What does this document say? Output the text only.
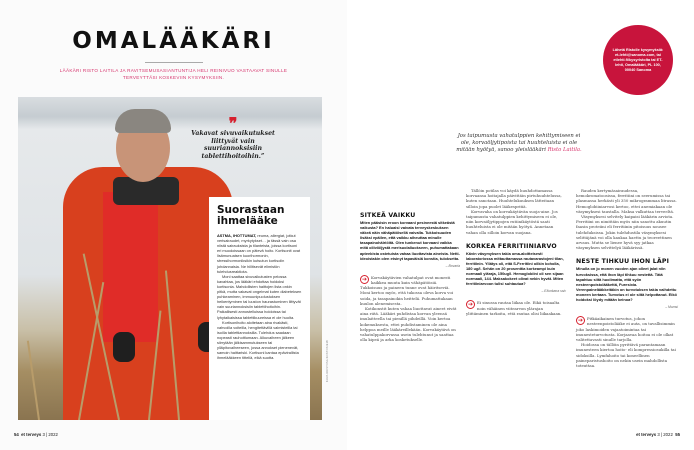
OMALÄÄKÄRI
LÄÄKÄRI RISTO LAITILA JA RAVITSEMUSASIANTUNTIJA HELI REINIVUO VASTAAVAT SINULLE TERVEYTTÄSI KOSKEVIIN KYSYMYKSIIN.
❞
Vakavat sivuvaikutukset liittyvät vain suuriannoksisiin tablettihoitoihin.”
Suorastaan ihmelääke

ASTMA, IHOTTUMAT, reuma, allergiat, jotkut verisairaudet, myrkytykset… ja tässä vain osa niistä sairauksista ja tilanteista, joissa kortisoni eri muodoissaan on pätevä hoito. Kortisonit ovat lisämunuaisen kuorihormonin, stressihormoniksikin kutsutun kortisolin johdannaisia. Ne hillitsevät elimistön tulehdusreaktiota.

Moni saattaa sivuvaikutusten pelossa kavahtaa, jos lääkäri ehdottaa hoidoksi kortisonia. Mahdollisten haittojen lista onkin pitkä, mutta vakavat ongelmat kuten diabeteksen puhkeaminen, immuunipuolustuksen heikentyminen tai luuston haurastuminen liittyvät vain suuriannoksisiin tablettihoitoihin. Paikallisesti annostelluissa hoidoissa tai lyhytaikaisissa tablettikuureissa ei ole huolta.

Kortisonihoito aloitetaan aina rivakästi, vahvoilla voiteilla, hengitettävillä valmisteilla tai isoilla tablettiannoksilla. Tulehdus saadaan nopeasti rauhoittumaan. Alkuvaiheen jälkeen siirrytään jälkisammutukseen tai ylläpitovaiheeseen, jossa annokset pienenevät, samoin haittariski. Kortisoni kantaa epävirallista ihmelääkkeen titteliä, eikä suotta.	KUVA KRISTIINA KONTONIEMI
54 et terveys 3 | 2022
Lähetä Ristolle kysymyksiä: et-lehti@sanoma.com, tai etlehti.fi/kysyristolta tai ET-lehti, Omalääkäri, PL 100, 00040 Sanoma
Jos taipumusta vahatulppien kehittymiseen ei ole, korvaöljytipoista tai huuhteluista ei ole mitään hyötyä, sanoo yleislääkäri Risto Laitila.
SITKEÄ VAIKKU

Miten pääsisin eroon korvaani pesineestä sitkeästä vaikusta? En haluaisi vaivata terveyskeskuksen väkeä näin vähäpätöisellä vaivalla. Tukkoisuuden lisäksi epäilen, että vaikku aiheuttaa minulle tasapainohäiriöitä. Olen tunkenut korvaani vaikka mitä oliiviöljystä merisuolaliuokseen, puhumattakaan apteekista ostetuista vahaa liuottavista aineista. Netti-ideoistakin olen etsinyt tapaväisiä konstia, tuloksetta.

– Bovaria

➔	Korvakäytävien vahatulpat ovat monesti kaikkea muuta kuin vähäpätöisiä. Tukkoisuus ja paineen tunne ovat häiritseviä. Moni kertoo myös, että tukossa oleva korva voi soida, ja tasapainokin heittelä. Puhumattakaan kuulon alenemisesta.

Kotikonstit kuten vahaa liuottavat aineet eivät aina riitä. Lääkäri puhdistaa korvan yleensä imulaitteella tai pienillä pihdeillä. Voin kertoa kokemuksesta, ettei puhdistaminen ole aina helppoa meille lääkäreillekään. Korvakäytävä on vahatulppakorvassa usein tulehtunut ja saattaa olla kipeä ja arka kosketukselle.

Tällöin potilas voi käydä huuhdottamassa korvaansa hoitajalla päivittäin pirtuhuuhtelussa, kuten sanotaan. Huuhtelukuuksen lätteitaan silloin jopa puolet lääkespritiä.

Korvavaha on korvakäytävän suoja-aine. Jos taipumusta vahatulppien kehittymiseen ei ole, niin korvaöljytippojen rutiinikäytöstä saati huuhteluista ei ole mitään hyötyä. Annetaan vahan olla silloin korvan suojana.

KORKEA FERRITIINIARVO

Kävin väsymyksen takia oma-aloitteisesti laboratoriossa mittauttamassa rautavarastojeni tilan, ferritiinin. Yllätys oli, että S-Ferritiini oilkin koholla, 180 ug/l. Sehän on 20 prosenttia korkeampi kuin normaali yläraja, 150ug/l. Hemoglobiini oli sen sijaan normaali, 144. Maksakokeet olivat nekin hyvät. Miten ferritiiniarvoon tulisi suhtautua?

– Ellunkana ssiv

➔	Ei sinussa rautaa liikaa ole. Eikä toisaalta noin vähäinen viitearvon ylärajan ylittäminen tarkoita, että rautaa olisi liikaakaan.

Rauden kertymäsairaudessa, hemokromatoosissa, ferritiini on seerumissa tai plasmassa herkästi yli 350 mikrogrammaa litrassa. Hemoglobiiniarvosi kertoo, ettei anemiakaan ole väsymyksesi taustalla. Maksa valkuttaa terveeltä.

Väsymyksesi selvitely kaipaisi lääkärin arviota. Ferritiini on nimittäin myös niin sanottu akuutin faasin proteiini eli ferritiinin pitoisuus nousee tulehduksissa. Jokin tulehdustila väsymyksesi selittäjänä voi olla kaukaa haettu ja teoreettinen arvaus. Mutta se lienee hyvä syy jatkaa väsymyksen selvittelyä lääkärissä.

NESTE TIHKUU IHON LÄPI

Minulla on jo monen vuoden ajan olleet jalat niin turvoksissa, että ihon läpi tihkuu nestettä. Tätä tapahtuu siitä huolimatta, että syön nesteenpoistolääkettä, Furesixia. Verenpainelääkkeitäkin on turvotuksen takia vaihdettu moneen kertaan. Turvotus ei ole siitä helpottanut. Eikö hoidoksi löydy mitään keinoa?

– Mumsi

➔	Pitkäaikainen turvotus, johon nesteenpoistolääke ei auta, on tavallisimmin joko laskimoiden vajaatoimintaa tai imunesteturvotusta. Korjaavaa hoitoa ei ole olkat valitettavasti sinulle tarjolla.

Hoidossa on tällöin pyrittävä parantamaan imunesteen kiertoa hoito- eli kompressiosukilla tai sidoksilla. Lymfahoito tai koneellinen paineparistushoito on nekin usein mahdollista toteuttaa.

et terveys 3 | 2022 55
